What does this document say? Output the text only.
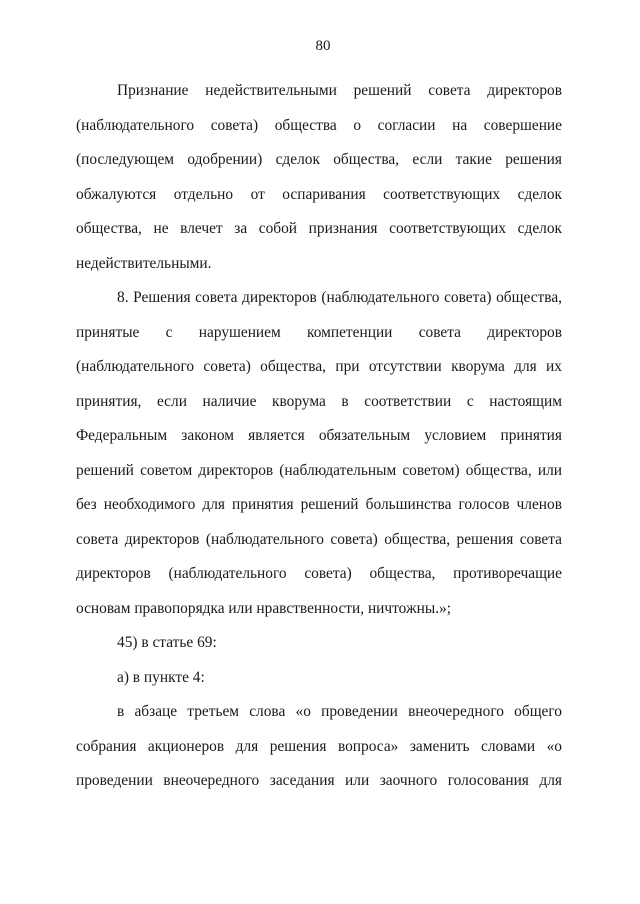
80

Признание недействительными решений совета директоров (наблюдательного совета) общества о согласии на совершение (последующем одобрении) сделок общества, если такие решения обжалуются отдельно от оспаривания соответствующих сделок общества, не влечет за собой признания соответствующих сделок недействительными.

8. Решения совета директоров (наблюдательного совета) общества, принятые с нарушением компетенции совета директоров (наблюдательного совета) общества, при отсутствии кворума для их принятия, если наличие кворума в соответствии с настоящим Федеральным законом является обязательным условием принятия решений советом директоров (наблюдательным советом) общества, или без необходимого для принятия решений большинства голосов членов совета директоров (наблюдательного совета) общества, решения совета директоров (наблюдательного совета) общества, противоречащие основам правопорядка или нравственности, ничтожны.»;

45) в статье 69:

а) в пункте 4:

в абзаце третьем слова «о проведении внеочередного общего собрания акционеров для решения вопроса» заменить словами «о проведении внеочередного заседания или заочного голосования для
